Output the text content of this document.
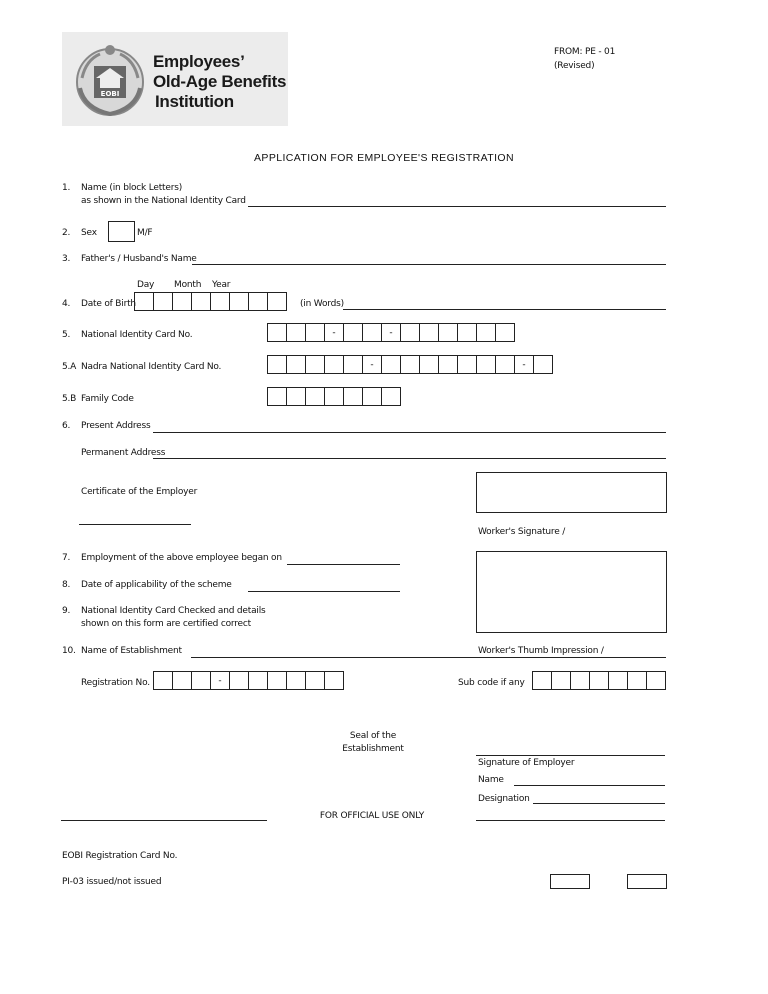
EOBI
Employees’
Old-Age Benefits
Institution
FROM: PE - 01
(Revised)
APPLICATION FOR EMPLOYEE'S REGISTRATION
1. Name (in block Letters)
as shown in the National Identity Card
2. Sex	M/F
3. Father's / Husband's Name
Day Month Year
4. Date of Birth	(in Words)
5. National Identity Card No.	-	-
5.A Nadra National Identity Card No.	-	-
5.B Family Code
6. Present Address
Permanent Address
Certificate of the Employer
Worker's Signature /
7. Employment of the above employee began on
8. Date of applicability of the scheme
9. National Identity Card Checked and details
shown on this form are certified correct
10. Name of Establishment	Worker's Thumb Impression /
Registration No.	-	Sub code if any
Seal of the
Establishment
Signature of Employer
Name
Designation
FOR OFFICIAL USE ONLY
EOBI Registration Card No.
PI-03 issued/not issued
